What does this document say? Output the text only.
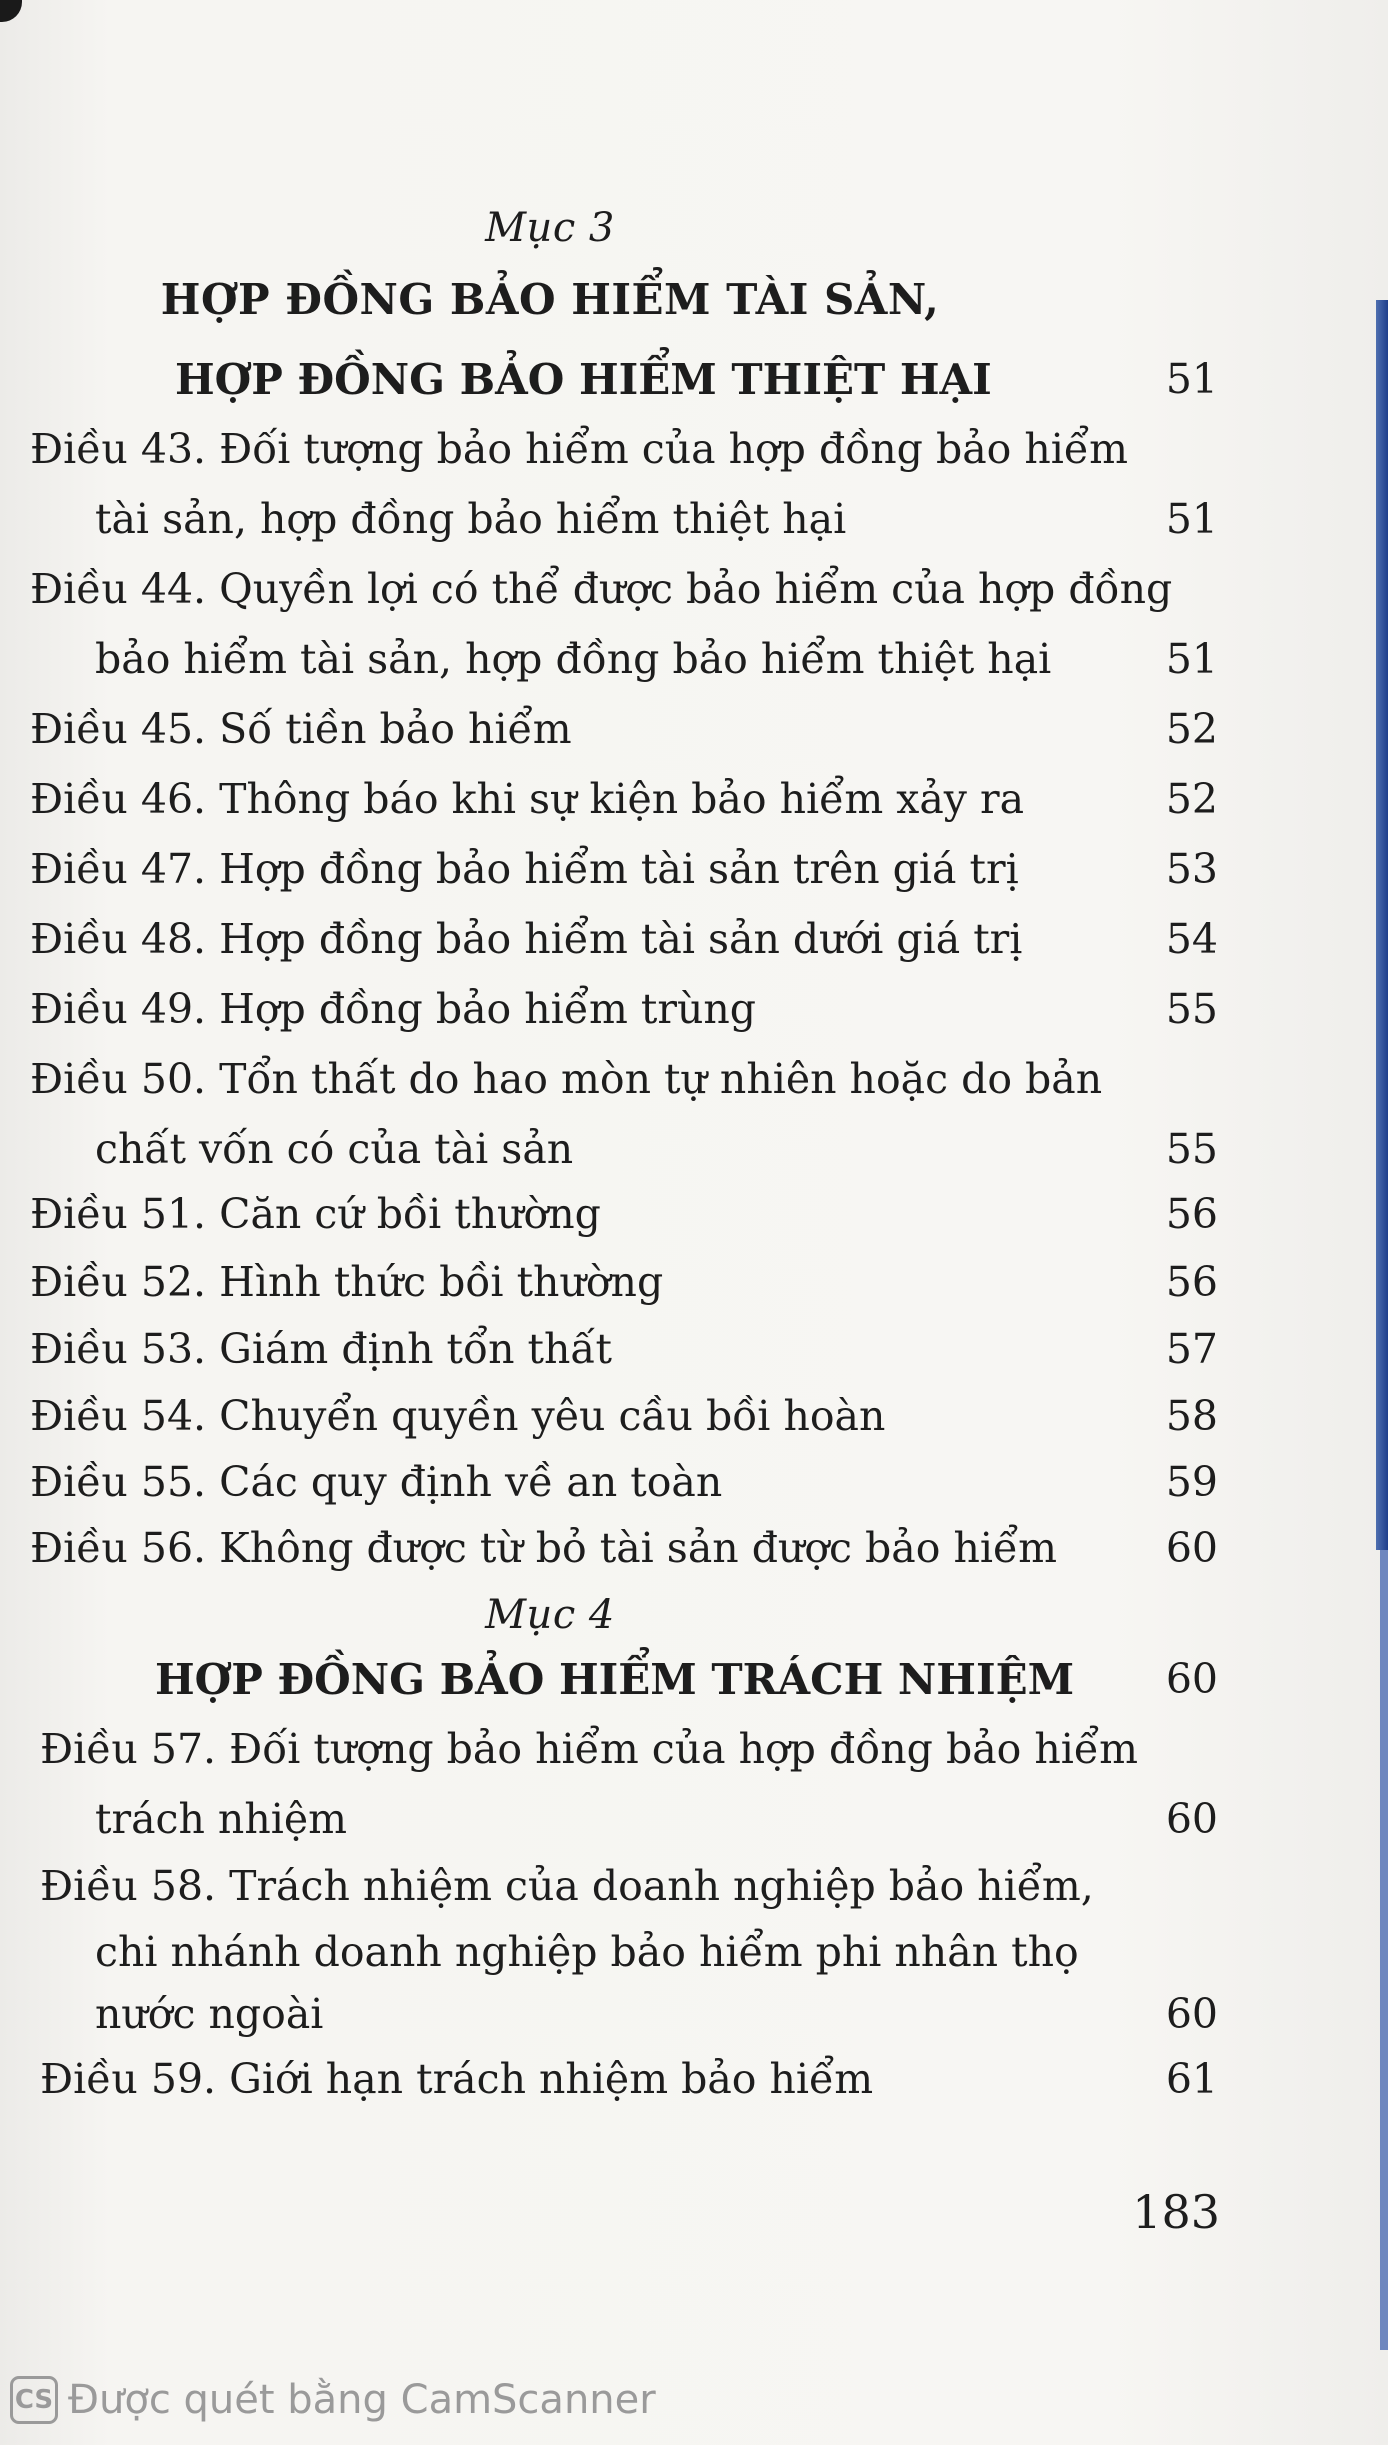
Mục 3
HỢP ĐỒNG BẢO HIỂM TÀI SẢN,
HỢP ĐỒNG BẢO HIỂM THIỆT HẠI	51
Điều 43. Đối tượng bảo hiểm của hợp đồng bảo hiểm
tài sản, hợp đồng bảo hiểm thiệt hại	51
Điều 44. Quyền lợi có thể được bảo hiểm của hợp đồng
bảo hiểm tài sản, hợp đồng bảo hiểm thiệt hại	51
Điều 45. Số tiền bảo hiểm	52
Điều 46. Thông báo khi sự kiện bảo hiểm xảy ra	52
Điều 47. Hợp đồng bảo hiểm tài sản trên giá trị	53
Điều 48. Hợp đồng bảo hiểm tài sản dưới giá trị	54
Điều 49. Hợp đồng bảo hiểm trùng	55
Điều 50. Tổn thất do hao mòn tự nhiên hoặc do bản
chất vốn có của tài sản	55
Điều 51. Căn cứ bồi thường	56
Điều 52. Hình thức bồi thường	56
Điều 53. Giám định tổn thất	57
Điều 54. Chuyển quyền yêu cầu bồi hoàn	58
Điều 55. Các quy định về an toàn	59
Điều 56. Không được từ bỏ tài sản được bảo hiểm	60
Mục 4
HỢP ĐỒNG BẢO HIỂM TRÁCH NHIỆM 60
Điều 57. Đối tượng bảo hiểm của hợp đồng bảo hiểm
trách nhiệm	60
Điều 58. Trách nhiệm của doanh nghiệp bảo hiểm,
chi nhánh doanh nghiệp bảo hiểm phi nhân thọ
nước ngoài	60
Điều 59. Giới hạn trách nhiệm bảo hiểm	61
183
CS Được quét bằng CamScanner
